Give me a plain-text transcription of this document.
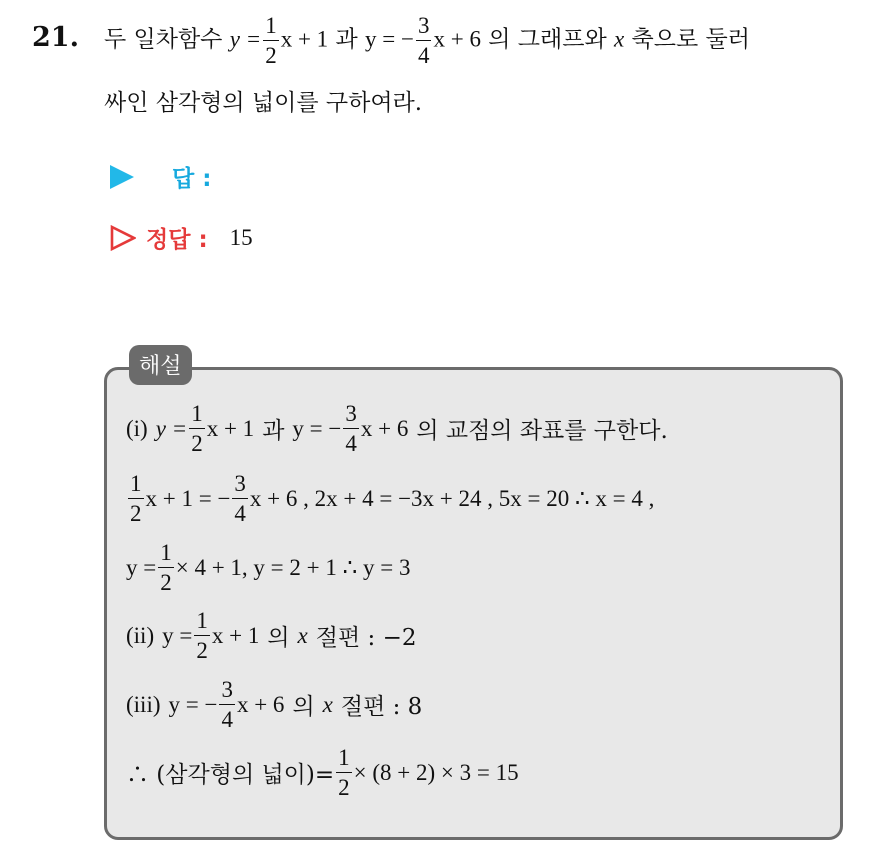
21. 두 일차함수 $y = \frac{1}{2}$ x + 1 과 y = − $\frac{3}{4}$ x + 6 의 그래프와 x 축으로 둘러
싸인 삼각형의 넓이를 구하여라.
답 :
정답 : 15
해설
(i) $y = \frac{1}{2}$ x + 1 과 y = − $\frac{3}{4}$ x + 6 의 교점의 좌표를 구한다.
$\frac{1}{2}$ x + 1 = − $\frac{3}{4}$ x + 6 , 2x + 4 = −3x + 24 , 5x = 20 ∴ x = 4 ,
$y = \frac{1}{2} \times 4 + 1$, y = 2 + 1 ∴ y = 3
(ii) $y = \frac{1}{2}$ x + 1 의 x 절편 : −2
(iii) y = − $\frac{3}{4}$ x + 6 의 x 절편 : 8
∴ (삼각형의 넓이)= $\frac{1}{2} \times (8 + 2) \times 3 = 15$
